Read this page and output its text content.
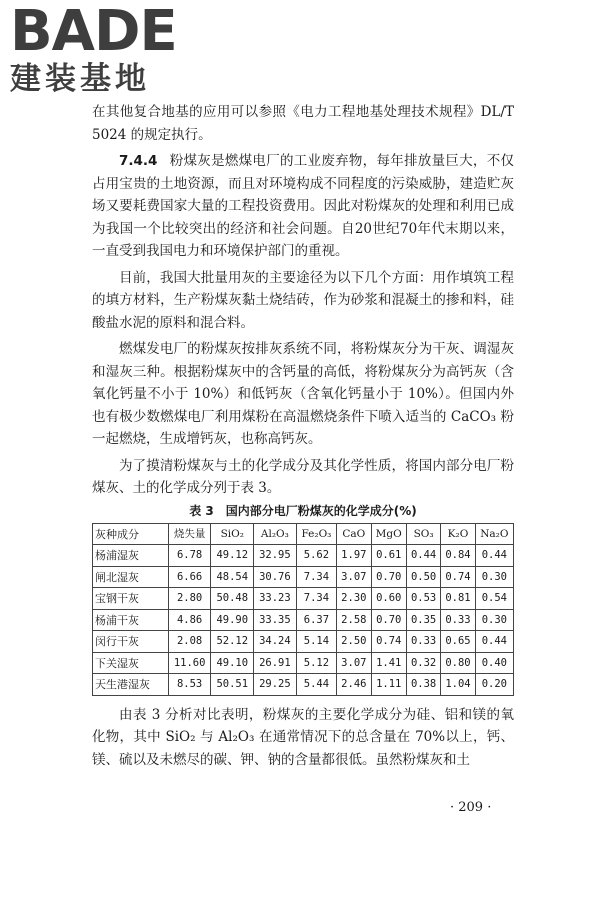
BADE
建装基地

在其他复合地基的应用可以参照《电力工程地基处理技术规程》DL/T 5024 的规定执行。

7.4.4 粉煤灰是燃煤电厂的工业废弃物，每年排放量巨大，不仅占用宝贵的土地资源，而且对环境构成不同程度的污染威胁，建造贮灰场又要耗费国家大量的工程投资费用。因此对粉煤灰的处理和利用已成为我国一个比较突出的经济和社会问题。自20世纪70年代末期以来，一直受到我国电力和环境保护部门的重视。

目前，我国大批量用灰的主要途径为以下几个方面：用作填筑工程的填方材料，生产粉煤灰黏土烧结砖，作为砂浆和混凝土的掺和料，硅酸盐水泥的原料和混合料。

燃煤发电厂的粉煤灰按排灰系统不同，将粉煤灰分为干灰、调湿灰和湿灰三种。根据粉煤灰中的含钙量的高低，将粉煤灰分为高钙灰（含氧化钙量不小于 10%）和低钙灰（含氧化钙量小于 10%）。但国内外也有极少数燃煤电厂利用煤粉在高温燃烧条件下喷入适当的 CaCO₃ 粉一起燃烧，生成增钙灰，也称高钙灰。

为了摸清粉煤灰与土的化学成分及其化学性质，将国内部分电厂粉煤灰、土的化学成分列于表 3。

表 3　国内部分电厂粉煤灰的化学成分(%)
灰种成分	烧失量	SiO₂	Al₂O₃	Fe₂O₃	CaO	MgO	SO₃	K₂O	Na₂O
杨浦湿灰	6.78	49.12	32.95	5.62	1.97	0.61	0.44	0.84	0.44
闸北湿灰	6.66	48.54	30.76	7.34	3.07	0.70	0.50	0.74	0.30
宝钢干灰	2.80	50.48	33.23	7.34	2.30	0.60	0.53	0.81	0.54
杨浦干灰	4.86	49.90	33.35	6.37	2.58	0.70	0.35	0.33	0.30
闵行干灰	2.08	52.12	34.24	5.14	2.50	0.74	0.33	0.65	0.44
下关湿灰	11.60	49.10	26.91	5.12	3.07	1.41	0.32	0.80	0.40
天生港湿灰	8.53	50.51	29.25	5.44	2.46	1.11	0.38	1.04	0.20

由表 3 分析对比表明，粉煤灰的主要化学成分为硅、铝和镁的氧化物，其中 SiO₂ 与 Al₂O₃ 在通常情况下的总含量在 70%以上，钙、镁、硫以及未燃尽的碳、钾、钠的含量都很低。虽然粉煤灰和土

· 209 ·
